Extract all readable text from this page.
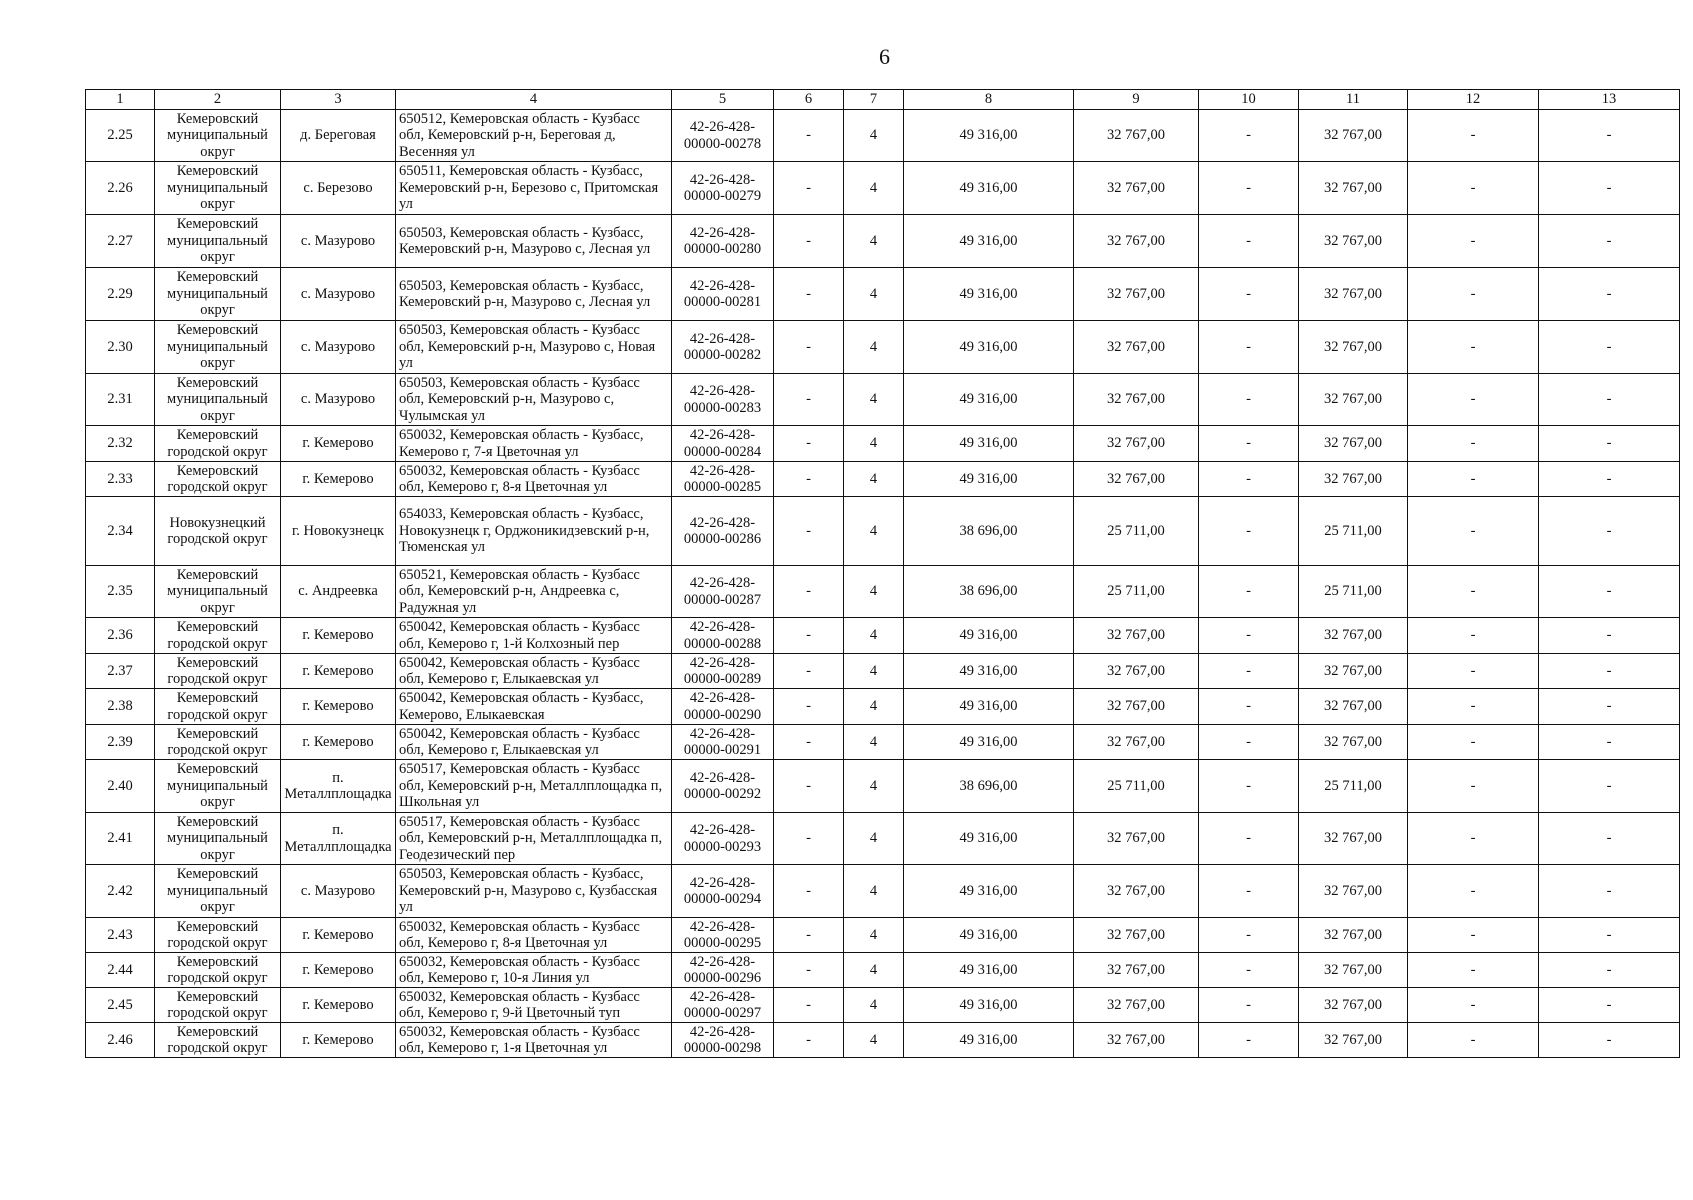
6
1	2	3	4	5	6	7	8	9	10	11	12	13
2.25	Кемеровский муниципальный округ	д. Береговая	650512, Кемеровская область - Кузбасс обл, Кемеровский р-н, Береговая д, Весенняя ул	42-26-428-00000-00278	-	4	49 316,00	32 767,00	-	32 767,00	-	-
2.26	Кемеровский муниципальный округ	с. Березово	650511, Кемеровская область - Кузбасс, Кемеровский р-н, Березово с, Притомская ул	42-26-428-00000-00279	-	4	49 316,00	32 767,00	-	32 767,00	-	-
2.27	Кемеровский муниципальный округ	с. Мазурово	650503, Кемеровская область - Кузбасс, Кемеровский р-н, Мазурово с, Лесная ул	42-26-428-00000-00280	-	4	49 316,00	32 767,00	-	32 767,00	-	-
2.29	Кемеровский муниципальный округ	с. Мазурово	650503, Кемеровская область - Кузбасс, Кемеровский р-н, Мазурово с, Лесная ул	42-26-428-00000-00281	-	4	49 316,00	32 767,00	-	32 767,00	-	-
2.30	Кемеровский муниципальный округ	с. Мазурово	650503, Кемеровская область - Кузбасс обл, Кемеровский р-н, Мазурово с, Новая ул	42-26-428-00000-00282	-	4	49 316,00	32 767,00	-	32 767,00	-	-
2.31	Кемеровский муниципальный округ	с. Мазурово	650503, Кемеровская область - Кузбасс обл, Кемеровский р-н, Мазурово с, Чулымская ул	42-26-428-00000-00283	-	4	49 316,00	32 767,00	-	32 767,00	-	-
2.32	Кемеровский городской округ	г. Кемерово	650032, Кемеровская область - Кузбасс, Кемерово г, 7-я Цветочная ул	42-26-428-00000-00284	-	4	49 316,00	32 767,00	-	32 767,00	-	-
2.33	Кемеровский городской округ	г. Кемерово	650032, Кемеровская область - Кузбасс обл, Кемерово г, 8-я Цветочная ул	42-26-428-00000-00285	-	4	49 316,00	32 767,00	-	32 767,00	-	-
2.34	Новокузнецкий городской округ	г. Новокузнецк	654033, Кемеровская область - Кузбасс, Новокузнецк г, Орджоникидзевский р-н, Тюменская ул	42-26-428-00000-00286	-	4	38 696,00	25 711,00	-	25 711,00	-	-
2.35	Кемеровский муниципальный округ	с. Андреевка	650521, Кемеровская область - Кузбасс обл, Кемеровский р-н, Андреевка с, Радужная ул	42-26-428-00000-00287	-	4	38 696,00	25 711,00	-	25 711,00	-	-
2.36	Кемеровский городской округ	г. Кемерово	650042, Кемеровская область - Кузбасс обл, Кемерово г, 1-й Колхозный пер	42-26-428-00000-00288	-	4	49 316,00	32 767,00	-	32 767,00	-	-
2.37	Кемеровский городской округ	г. Кемерово	650042, Кемеровская область - Кузбасс обл, Кемерово г, Елыкаевская ул	42-26-428-00000-00289	-	4	49 316,00	32 767,00	-	32 767,00	-	-
2.38	Кемеровский городской округ	г. Кемерово	650042, Кемеровская область - Кузбасс, Кемерово, Елыкаевская	42-26-428-00000-00290	-	4	49 316,00	32 767,00	-	32 767,00	-	-
2.39	Кемеровский городской округ	г. Кемерово	650042, Кемеровская область - Кузбасс обл, Кемерово г, Елыкаевская ул	42-26-428-00000-00291	-	4	49 316,00	32 767,00	-	32 767,00	-	-
2.40	Кемеровский муниципальный округ	п. Металлплощадка	650517, Кемеровская область - Кузбасс обл, Кемеровский р-н, Металлплощадка п, Школьная ул	42-26-428-00000-00292	-	4	38 696,00	25 711,00	-	25 711,00	-	-
2.41	Кемеровский муниципальный округ	п. Металлплощадка	650517, Кемеровская область - Кузбасс обл, Кемеровский р-н, Металлплощадка п, Геодезический пер	42-26-428-00000-00293	-	4	49 316,00	32 767,00	-	32 767,00	-	-
2.42	Кемеровский муниципальный округ	с. Мазурово	650503, Кемеровская область - Кузбасс, Кемеровский р-н, Мазурово с, Кузбасская ул	42-26-428-00000-00294	-	4	49 316,00	32 767,00	-	32 767,00	-	-
2.43	Кемеровский городской округ	г. Кемерово	650032, Кемеровская область - Кузбасс обл, Кемерово г, 8-я Цветочная ул	42-26-428-00000-00295	-	4	49 316,00	32 767,00	-	32 767,00	-	-
2.44	Кемеровский городской округ	г. Кемерово	650032, Кемеровская область - Кузбасс обл, Кемерово г, 10-я Линия ул	42-26-428-00000-00296	-	4	49 316,00	32 767,00	-	32 767,00	-	-
2.45	Кемеровский городской округ	г. Кемерово	650032, Кемеровская область - Кузбасс обл, Кемерово г, 9-й Цветочный туп	42-26-428-00000-00297	-	4	49 316,00	32 767,00	-	32 767,00	-	-
2.46	Кемеровский городской округ	г. Кемерово	650032, Кемеровская область - Кузбасс обл, Кемерово г, 1-я Цветочная ул	42-26-428-00000-00298	-	4	49 316,00	32 767,00	-	32 767,00	-	-
